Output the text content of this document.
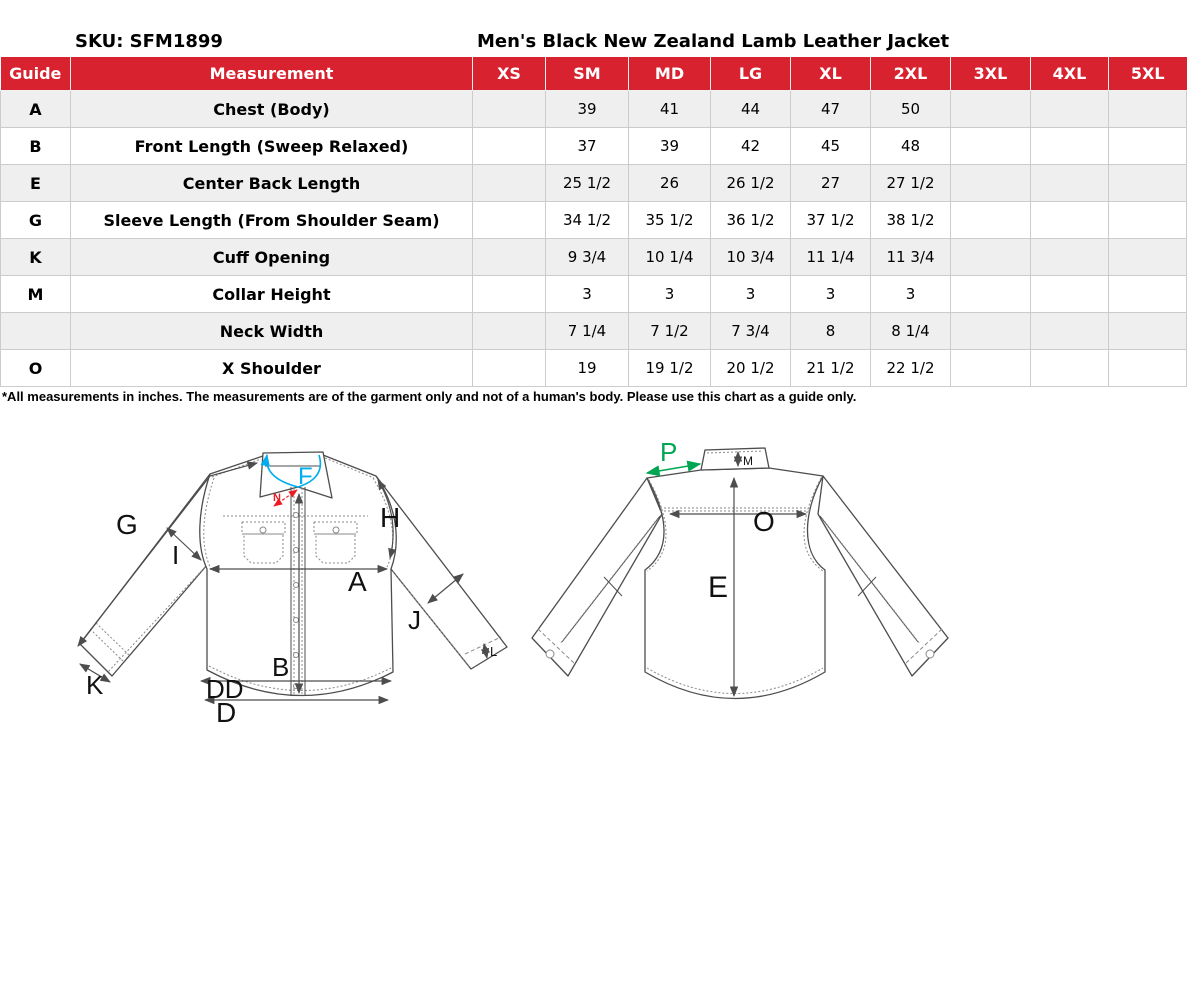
SKU: SFM1899	Men's Black New Zealand Lamb Leather Jacket
Guide	Measurement	XS	SM	MD	LG	XL	2XL	3XL	4XL	5XL
A	Chest (Body)		39	41	44	47	50			
B	Front Length (Sweep Relaxed)		37	39	42	45	48			
E	Center Back Length		25 1/2	26	26 1/2	27	27 1/2			
G	Sleeve Length (From Shoulder Seam)		34 1/2	35 1/2	36 1/2	37 1/2	38 1/2			
K	Cuff Opening		9 3/4	10 1/4	10 3/4	11 1/4	11 3/4			
M	Collar Height		3	3	3	3	3			
	Neck Width		7 1/4	7 1/2	7 3/4	8	8 1/4			
O	X Shoulder		19	19 1/2	20 1/2	21 1/2	22 1/2			
*All measurements in inches. The measurements are of the garment only and not of a human's body. Please use this chart as a guide only.
G
I
H
A
J
K
B
DD
D
F
N
L
M
O
E
P
